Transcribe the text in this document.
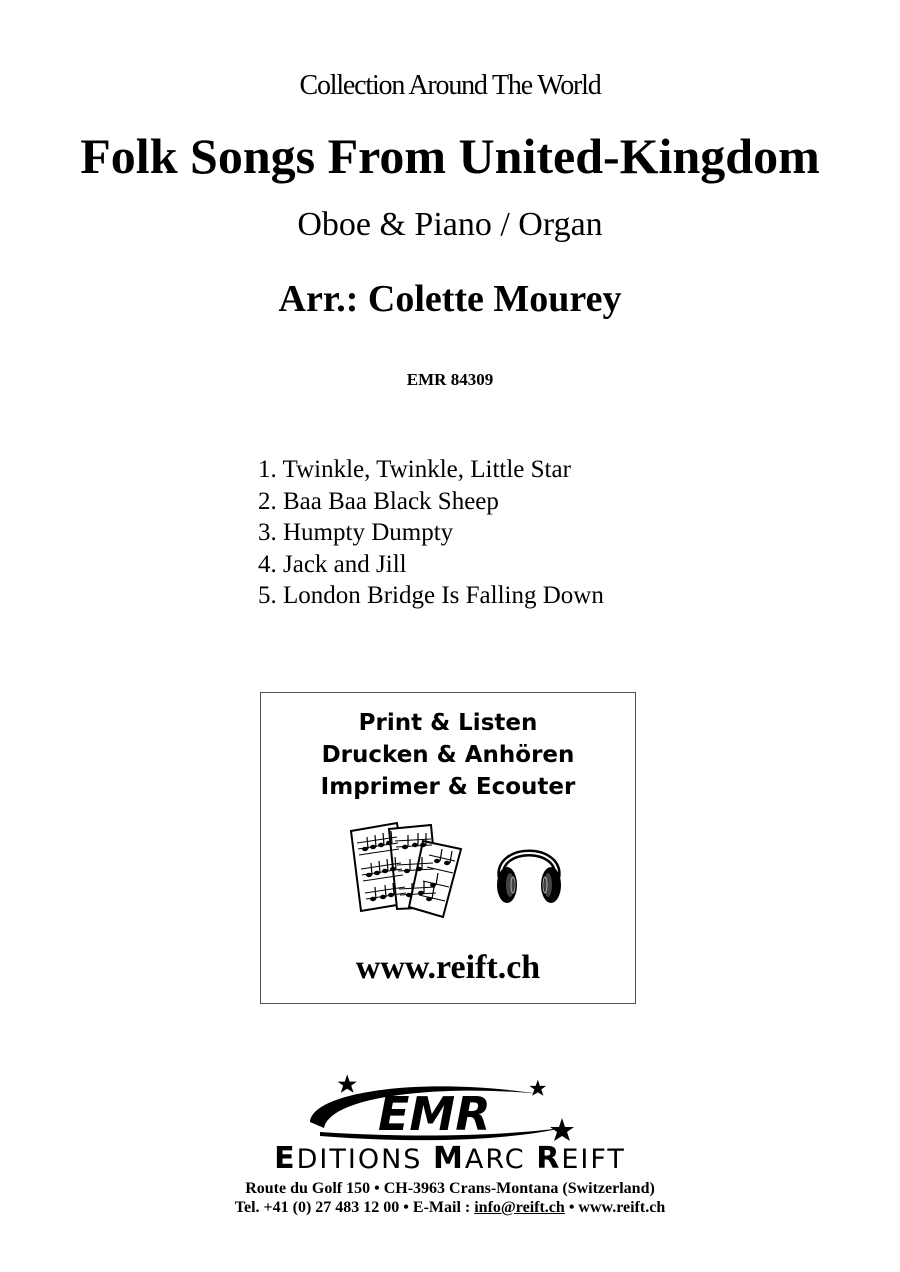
Collection Around The World
Folk Songs From United-Kingdom
Oboe & Piano / Organ
Arr.: Colette Mourey
EMR 84309
1. Twinkle, Twinkle, Little Star
2. Baa Baa Black Sheep
3. Humpty Dumpty
4. Jack and Jill
5. London Bridge Is Falling Down
Print & Listen
Drucken & Anhören
Imprimer & Ecouter
www.reift.ch
EMR
EDITIONS MARC REIFT
Route du Golf 150 • CH-3963 Crans-Montana (Switzerland)
Tel. +41 (0) 27 483 12 00 • E-Mail : info@reift.ch • www.reift.ch
